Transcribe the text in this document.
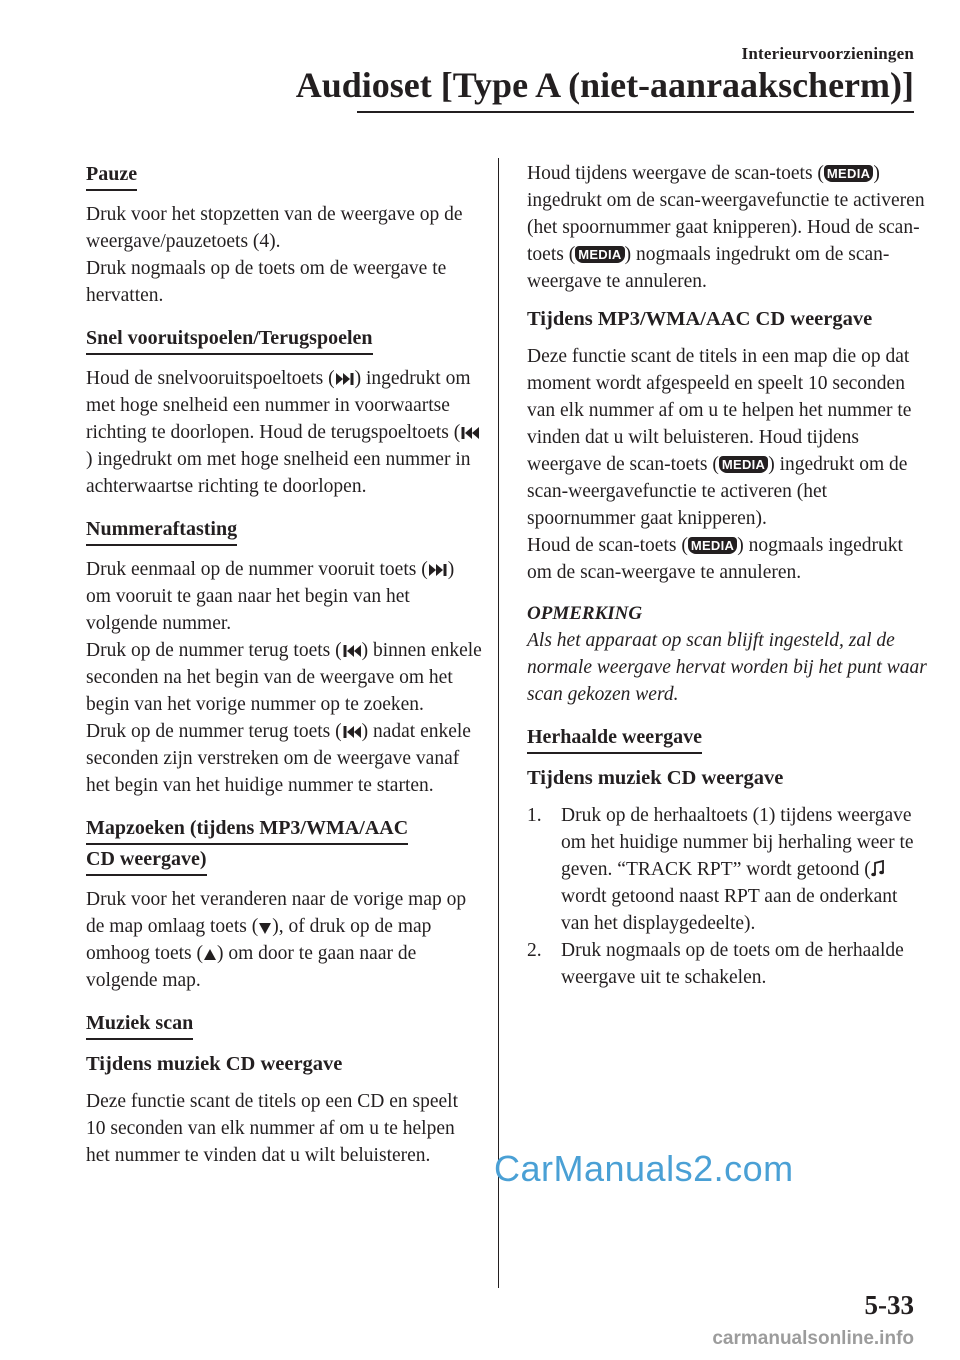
Interieurvoorzieningen
Audioset [Type A (niet-aanraakscherm)]
Pauze

Druk voor het stopzetten van de weergave op de weergave/pauzetoets (4).

Druk nogmaals op de toets om de weergave te hervatten.

Snel vooruitspoelen/Terugspoelen

Houd de snelvooruitspoeltoets ( ) ingedrukt om met hoge snelheid een nummer in voorwaartse richting te doorlopen. Houd de terugspoeltoets () ingedrukt om met hoge snelheid een nummer in achterwaartse richting te doorlopen.

Nummeraftasting

Druk eenmaal op de nummer vooruit toets ( ) om vooruit te gaan naar het begin van het volgende nummer.

Druk op de nummer terug toets ( ) binnen enkele seconden na het begin van de weergave om het begin van het vorige nummer op te zoeken.

Druk op de nummer terug toets ( ) nadat enkele seconden zijn verstreken om de weergave vanaf het begin van het huidige nummer te starten.

Mapzoeken (tijdens MP3/WMA/AAC
CD weergave)

Druk voor het veranderen naar de vorige map op de map omlaag toets ( ), of druk op de map omhoog toets ( ) om door te gaan naar de volgende map.

Muziek scan
Tijdens muziek CD weergave

Deze functie scant de titels op een CD en speelt 10 seconden van elk nummer af om u te helpen het nummer te vinden dat u wilt beluisteren.

Houd tijdens weergave de scan-toets ( MEDIA ) ingedrukt om de scan-weergavefunctie te activeren (het spoornummer gaat knipperen). Houd de scan-toets ( MEDIA ) nogmaals ingedrukt om de scan-weergave te annuleren.

Tijdens MP3/WMA/AAC CD weergave

Deze functie scant de titels in een map die op dat moment wordt afgespeeld en speelt 10 seconden van elk nummer af om u te helpen het nummer te vinden dat u wilt beluisteren. Houd tijdens weergave de scan-toets ( MEDIA ) ingedrukt om de scan-weergavefunctie te activeren (het spoornummer gaat knipperen).

Houd de scan-toets ( MEDIA ) nogmaals ingedrukt om de scan-weergave te annuleren.

OPMERKING

Als het apparaat op scan blijft ingesteld, zal de normale weergave hervat worden bij het punt waar scan gekozen werd.

Herhaalde weergave
Tijdens muziek CD weergave
1. Druk op de herhaaltoets (1) tijdens weergave om het huidige nummer bij herhaling weer te geven. “TRACK RPT” wordt getoond (wordt getoond naast RPT aan de onderkant van het displaygedeelte).
2. Druk nogmaals op de toets om de herhaalde weergave uit te schakelen.
CarManuals2.com
5-33
carmanualsonline.info
